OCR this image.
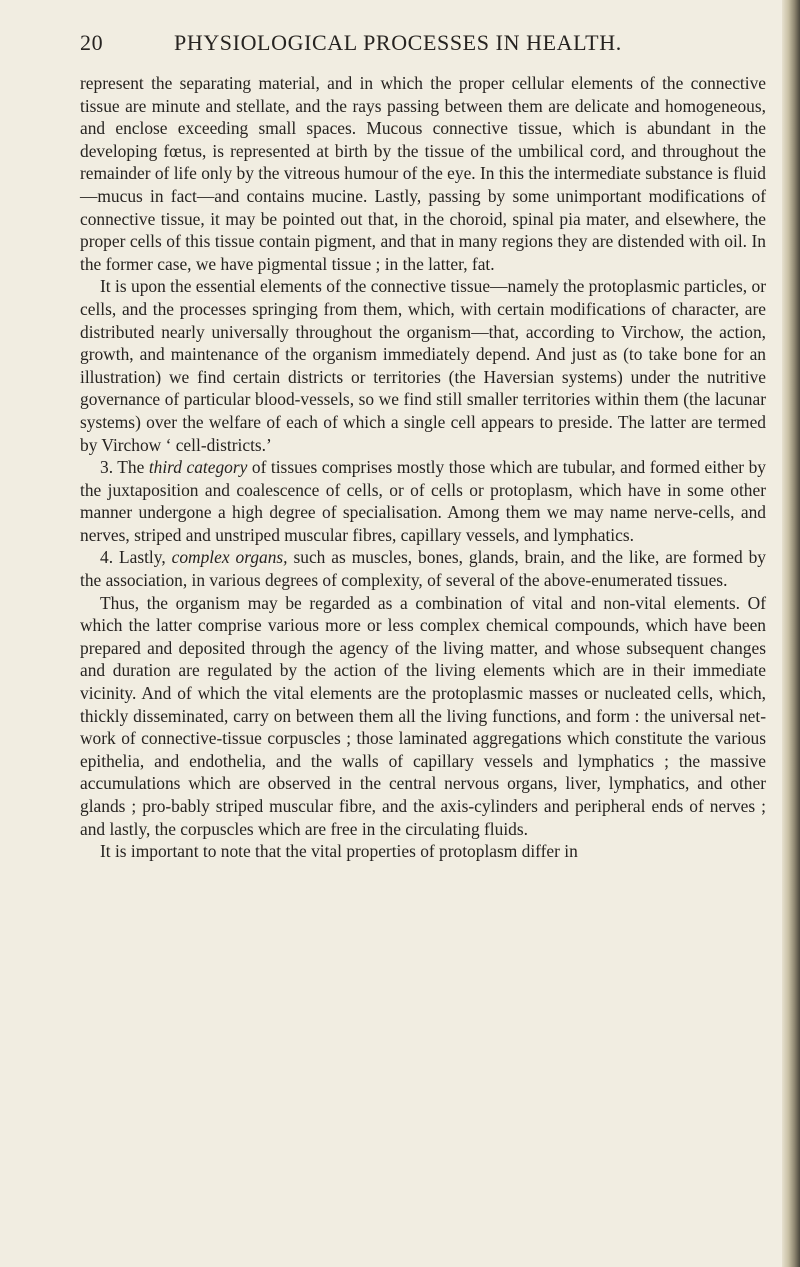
20	PHYSIOLOGICAL PROCESSES IN HEALTH.

represent the separating material, and in which the proper cellular elements of the connective tissue are minute and stellate, and the rays passing between them are delicate and homogeneous, and enclose exceeding small spaces. Mucous connective tissue, which is abundant in the developing fœtus, is represented at birth by the tissue of the umbilical cord, and throughout the remainder of life only by the vitreous humour of the eye. In this the intermediate substance is fluid—mucus in fact—and contains mucine. Lastly, passing by some unimportant modifications of connective tissue, it may be pointed out that, in the choroid, spinal pia mater, and elsewhere, the proper cells of this tissue contain pigment, and that in many regions they are distended with oil. In the former case, we have pigmental tissue ; in the latter, fat.

It is upon the essential elements of the connective tissue—namely the protoplasmic particles, or cells, and the processes springing from them, which, with certain modifications of character, are distributed nearly universally throughout the organism—that, according to Virchow, the action, growth, and maintenance of the organism immediately depend. And just as (to take bone for an illustration) we find certain districts or territories (the Haversian systems) under the nutritive governance of particular blood-vessels, so we find still smaller territories within them (the lacunar systems) over the welfare of each of which a single cell appears to preside. The latter are termed by Virchow ‘ cell-districts.’

3. The third category of tissues comprises mostly those which are tubular, and formed either by the juxtaposition and coalescence of cells, or of cells or protoplasm, which have in some other manner undergone a high degree of specialisation. Among them we may name nerve-cells, and nerves, striped and unstriped muscular fibres, capillary vessels, and lymphatics.

4. Lastly, complex organs, such as muscles, bones, glands, brain, and the like, are formed by the association, in various degrees of complexity, of several of the above-enumerated tissues.

Thus, the organism may be regarded as a combination of vital and non-vital elements. Of which the latter comprise various more or less complex chemical compounds, which have been prepared and deposited through the agency of the living matter, and whose subsequent changes and duration are regulated by the action of the living elements which are in their immediate vicinity. And of which the vital elements are the protoplasmic masses or nucleated cells, which, thickly disseminated, carry on between them all the living functions, and form : the universal net-work of connective-tissue corpuscles ; those laminated aggregations which constitute the various epithelia, and endothelia, and the walls of capillary vessels and lymphatics ; the massive accumulations which are observed in the central nervous organs, liver, lymphatics, and other glands ; pro-bably striped muscular fibre, and the axis-cylinders and peripheral ends of nerves ; and lastly, the corpuscles which are free in the circulating fluids.

It is important to note that the vital properties of protoplasm differ in
